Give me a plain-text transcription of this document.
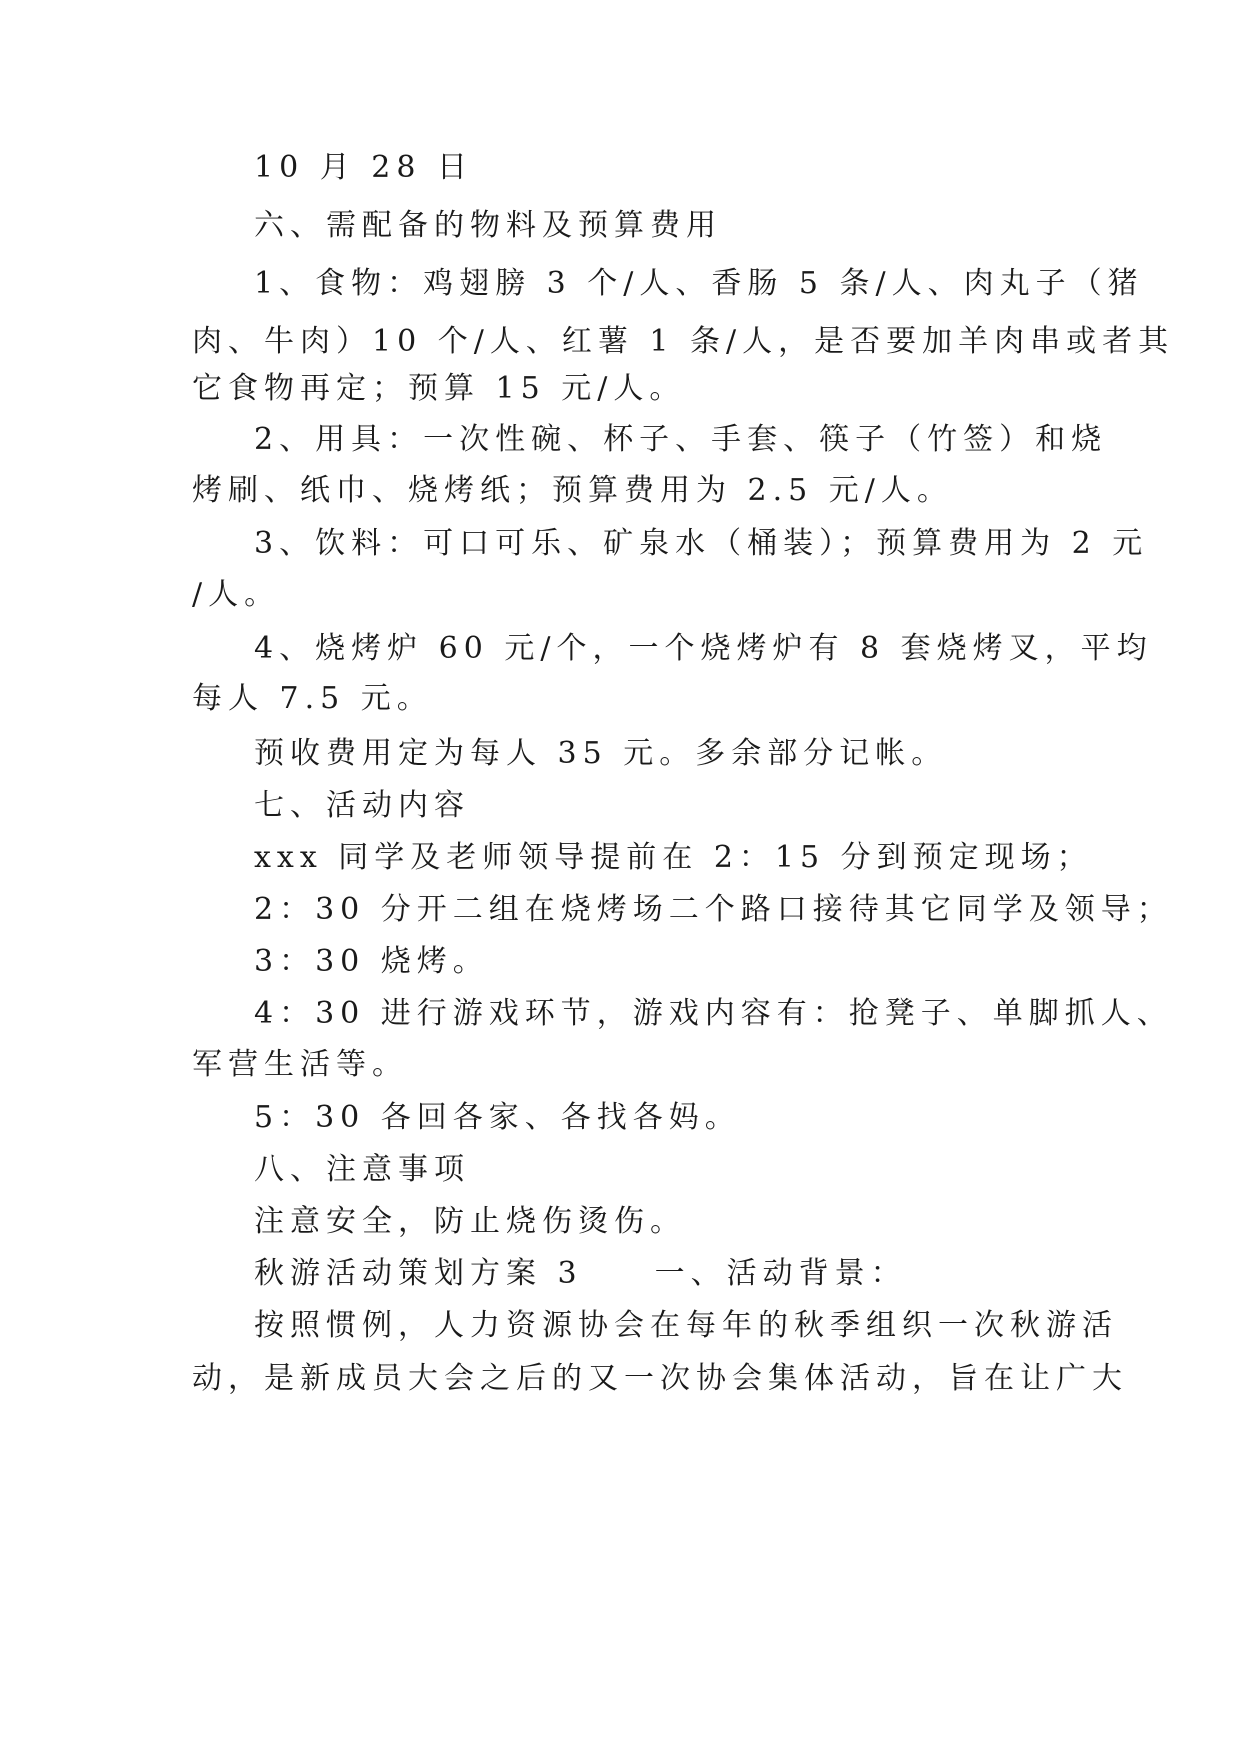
10 月 28 日
六、需配备的物料及预算费用
1、食物：鸡翅膀 3 个/人、香肠 5 条/人、肉丸子（猪
肉、牛肉）10 个/人、红薯 1 条/人，是否要加羊肉串或者其
它食物再定；预算 15 元/人。
2、用具：一次性碗、杯子、手套、筷子（竹签）和烧
烤刷、纸巾、烧烤纸；预算费用为 2.5 元/人。
3、饮料：可口可乐、矿泉水（桶装）；预算费用为 2 元
/人。
4、烧烤炉 60 元/个，一个烧烤炉有 8 套烧烤叉，平均
每人 7.5 元。
预收费用定为每人 35 元。多余部分记帐。
七、活动内容
xxx 同学及老师领导提前在 2：15 分到预定现场；
2：30 分开二组在烧烤场二个路口接待其它同学及领导；
3：30 烧烤。
4：30 进行游戏环节，游戏内容有：抢凳子、单脚抓人、
军营生活等。
5：30 各回各家、各找各妈。
八、注意事项
注意安全，防止烧伤烫伤。
秋游活动策划方案 3　　一、活动背景：
按照惯例，人力资源协会在每年的秋季组织一次秋游活
动，是新成员大会之后的又一次协会集体活动，旨在让广大
